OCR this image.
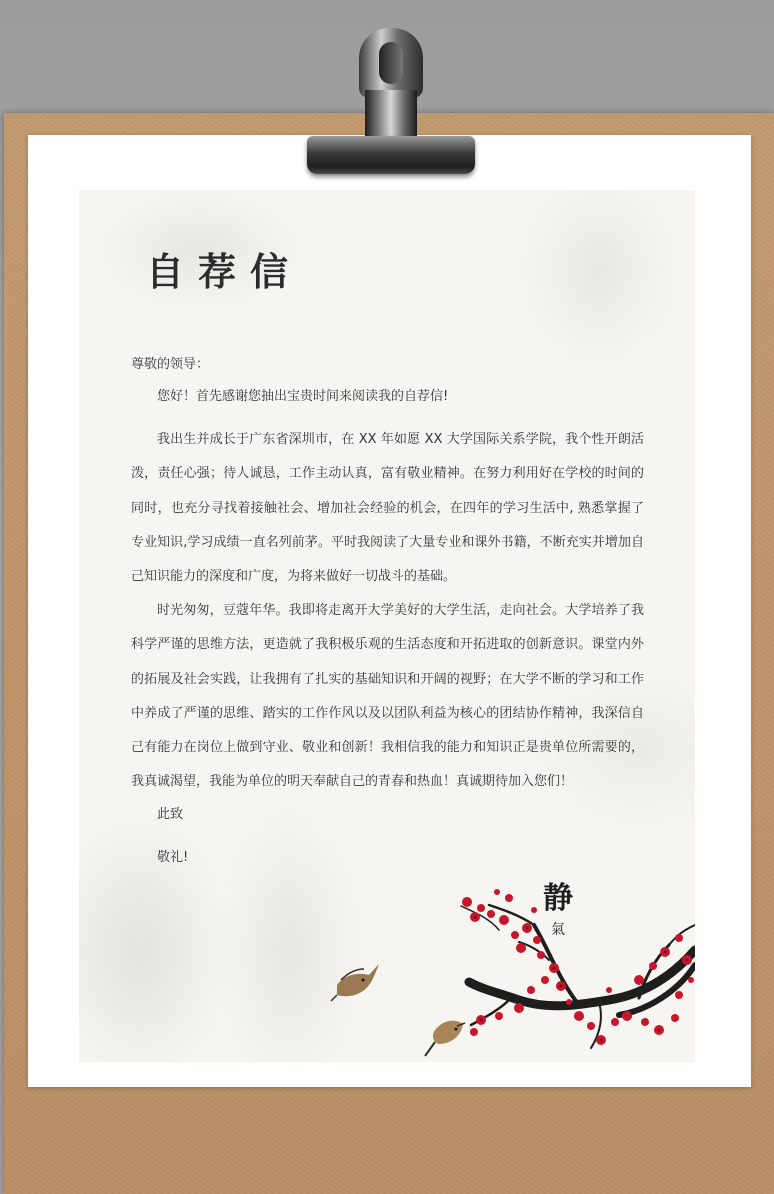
自荐信

尊敬的领导：

您好！首先感谢您抽出宝贵时间来阅读我的自荐信!

我出生并成长于广东省深圳市，在 XX 年如愿 XX 大学国际关系学院，我个性开朗活泼，责任心强；待人诚恳，工作主动认真，富有敬业精神。在努力利用好在学校的时间的同时，也充分寻找着接触社会、增加社会经验的机会，在四年的学习生活中, 熟悉掌握了专业知识,学习成绩一直名列前茅。平时我阅读了大量专业和课外书籍，不断充实并增加自己知识能力的深度和广度，为将来做好一切战斗的基础。

时光匆匆，豆蔻年华。我即将走离开大学美好的大学生活，走向社会。大学培养了我科学严谨的思维方法，更造就了我积极乐观的生活态度和开拓进取的创新意识。课堂内外的拓展及社会实践，让我拥有了扎实的基础知识和开阔的视野；在大学不断的学习和工作中养成了严谨的思维、踏实的工作作风以及以团队利益为核心的团结协作精神，我深信自己有能力在岗位上做到守业、敬业和创新！我相信我的能力和知识正是贵单位所需要的，我真诚渴望，我能为单位的明天奉献自己的青春和热血！真诚期待加入您们！

此致

敬礼!

静
氣
